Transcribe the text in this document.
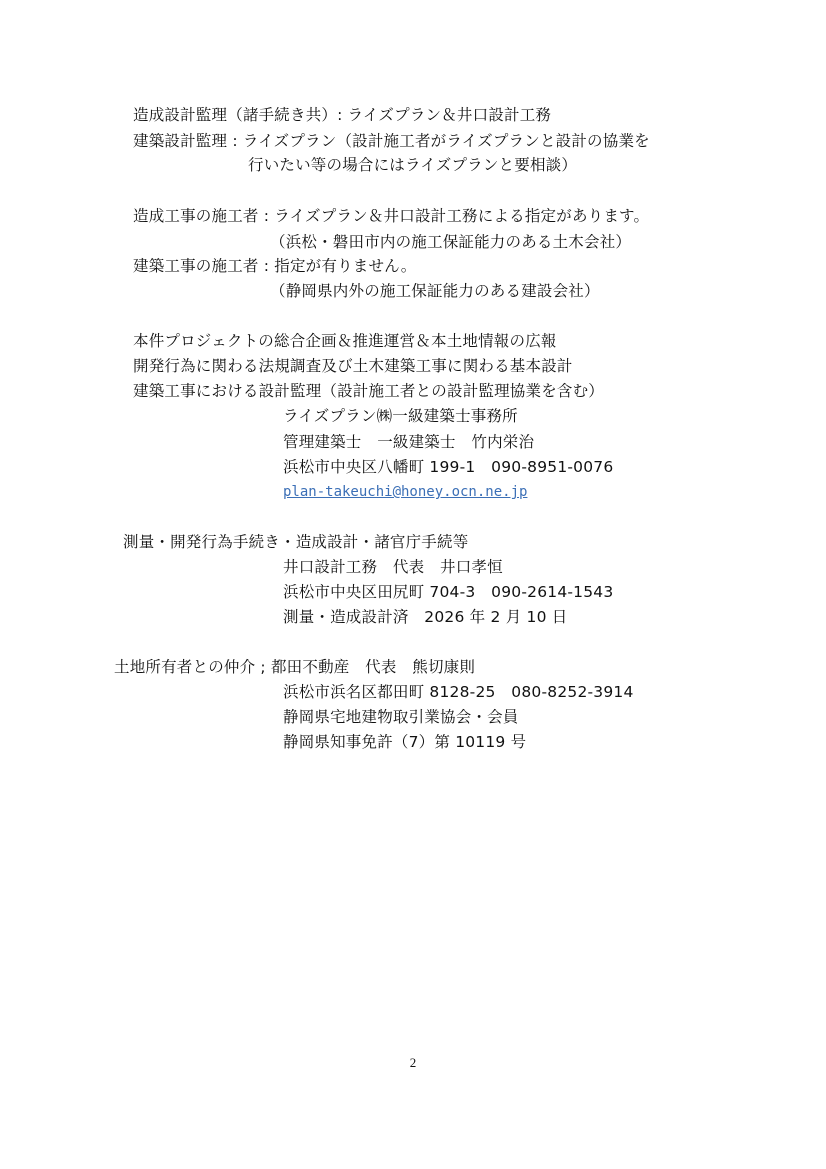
造成設計監理（諸手続き共）: ライズプラン＆井口設計工務
建築設計監理 : ライズプラン（設計施工者がライズプランと設計の協業を
行いたい等の場合にはライズプランと要相談）
造成工事の施工者 : ライズプラン＆井口設計工務による指定があります。
（浜松・磐田市内の施工保証能力のある土木会社）
建築工事の施工者 : 指定が有りません。
（静岡県内外の施工保証能力のある建設会社）
本件プロジェクトの総合企画＆推進運営＆本土地情報の広報
開発行為に関わる法規調査及び土木建築工事に関わる基本設計
建築工事における設計監理（設計施工者との設計監理協業を含む）
ライズプラン㈱一級建築士事務所
管理建築士　一級建築士　竹内栄治
浜松市中央区八幡町 199-1　090-8951-0076
plan-takeuchi@honey.ocn.ne.jp
測量・開発行為手続き・造成設計・諸官庁手続等
井口設計工務　代表　井口孝恒
浜松市中央区田尻町 704-3　090-2614-1543
測量・造成設計済　2026 年 2 月 10 日
土地所有者との仲介 ; 都田不動産　代表　熊切康則
浜松市浜名区都田町 8128-25　080-8252-3914
静岡県宅地建物取引業協会・会員
静岡県知事免許（7）第 10119 号
2
